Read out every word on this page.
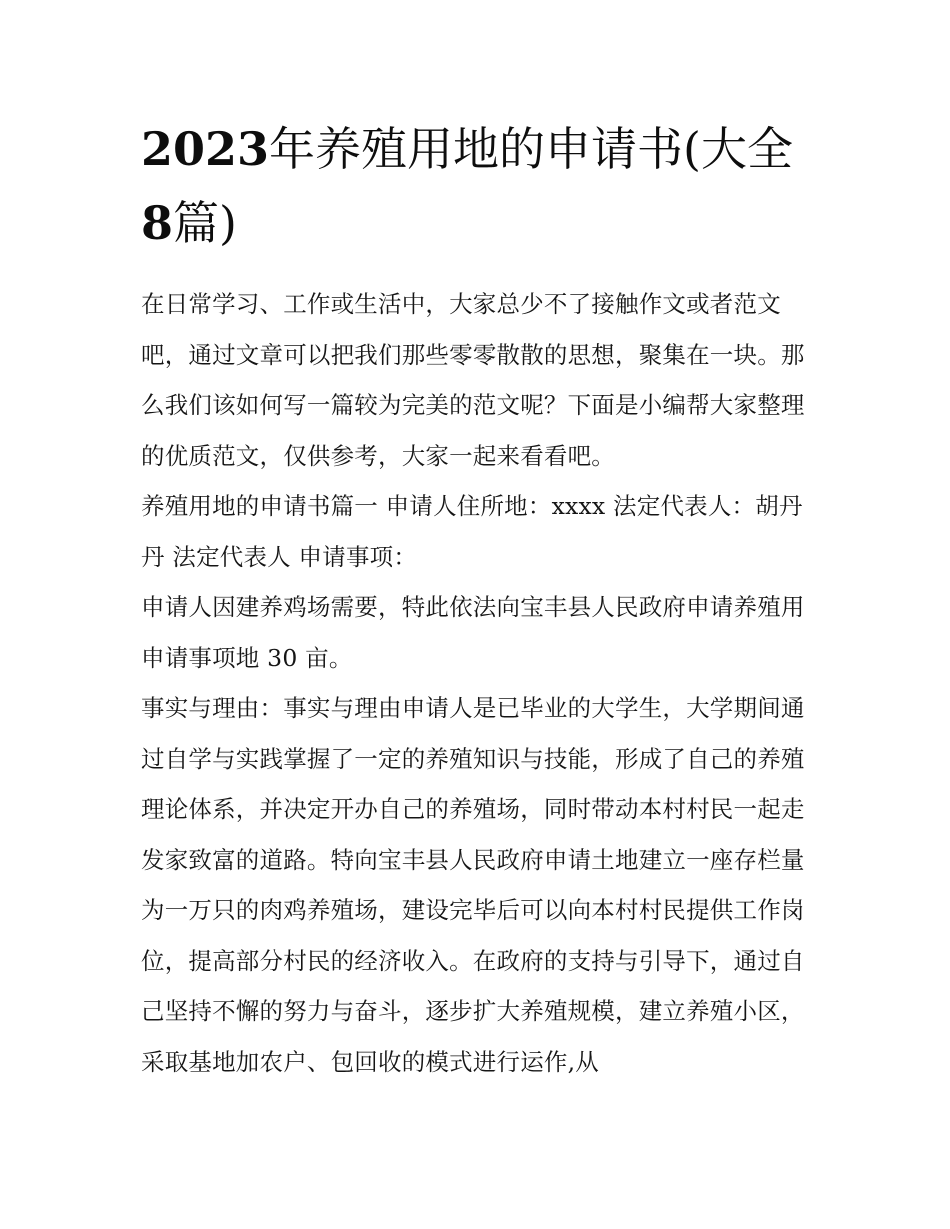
2023年养殖用地的申请书(大全8篇)

在日常学习、工作或生活中，大家总少不了接触作文或者范文吧，通过文章可以把我们那些零零散散的思想，聚集在一块。那么我们该如何写一篇较为完美的范文呢？下面是小编帮大家整理的优质范文，仅供参考，大家一起来看看吧。

养殖用地的申请书篇一 申请人住所地：xxxx 法定代表人：胡丹丹 法定代表人 申请事项：

申请人因建养鸡场需要，特此依法向宝丰县人民政府申请养殖用申请事项地 30 亩。

事实与理由：事实与理由申请人是已毕业的大学生，大学期间通过自学与实践掌握了一定的养殖知识与技能，形成了自己的养殖理论体系，并决定开办自己的养殖场，同时带动本村村民一起走发家致富的道路。特向宝丰县人民政府申请土地建立一座存栏量为一万只的肉鸡养殖场，建设完毕后可以向本村村民提供工作岗位，提高部分村民的经济收入。在政府的支持与引导下，通过自己坚持不懈的努力与奋斗，逐步扩大养殖规模，建立养殖小区，采取基地加农户、包回收的模式进行运作,从
